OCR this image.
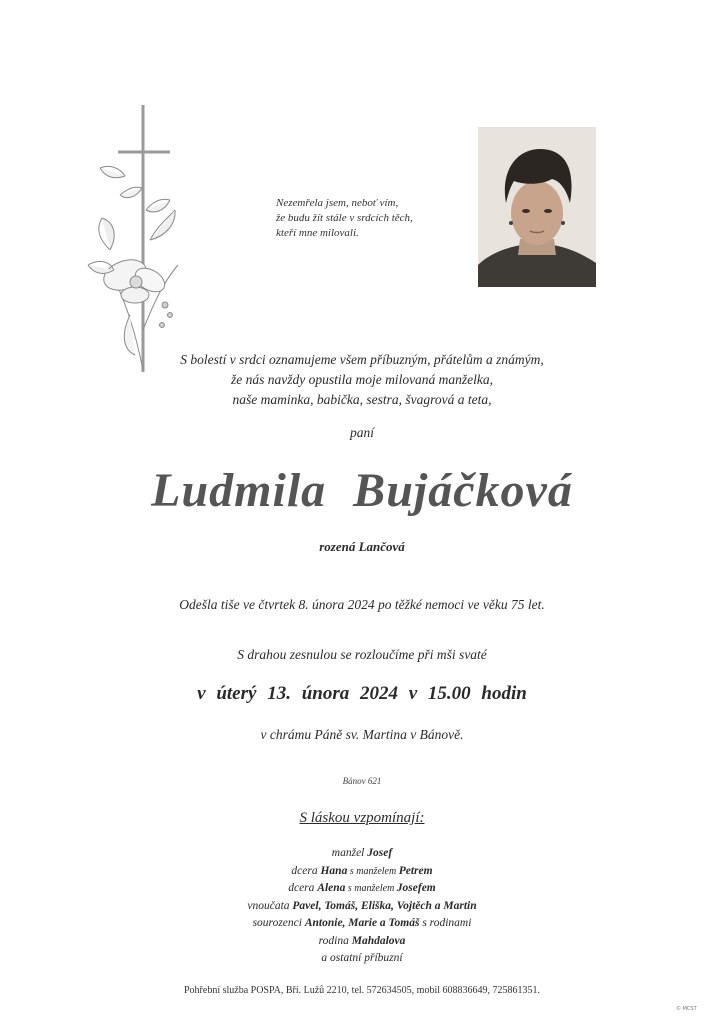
Nezemřela jsem, neboť vím,
že budu žít stále v srdcích těch,
kteří mne milovali.
S bolestí v srdci oznamujeme všem příbuzným, přátelům a známým,
že nás navždy opustila moje milovaná manželka,
naše maminka, babička, sestra, švagrová a teta,
paní
Ludmila Bujáčková
rozená Lančová
Odešla tiše ve čtvrtek 8. února 2024 po těžké nemoci ve věku 75 let.
S drahou zesnulou se rozloučíme při mši svaté
v úterý 13. února 2024 v 15.00 hodin
v chrámu Páně sv. Martina v Bánově.
Bánov 621
S láskou vzpomínají:
manžel Josef
dcera Hana s manželem Petrem
dcera Alena s manželem Josefem
vnoučata Pavel, Tomáš, Eliška, Vojtěch a Martin
sourozenci Antonie, Marie a Tomáš s rodinami
rodina Mahdalova
a ostatní příbuzní
Pohřební služba POSPA, Bří. Lužů 2210, tel. 572634505, mobil 608836649, 725861351.
© MCST
